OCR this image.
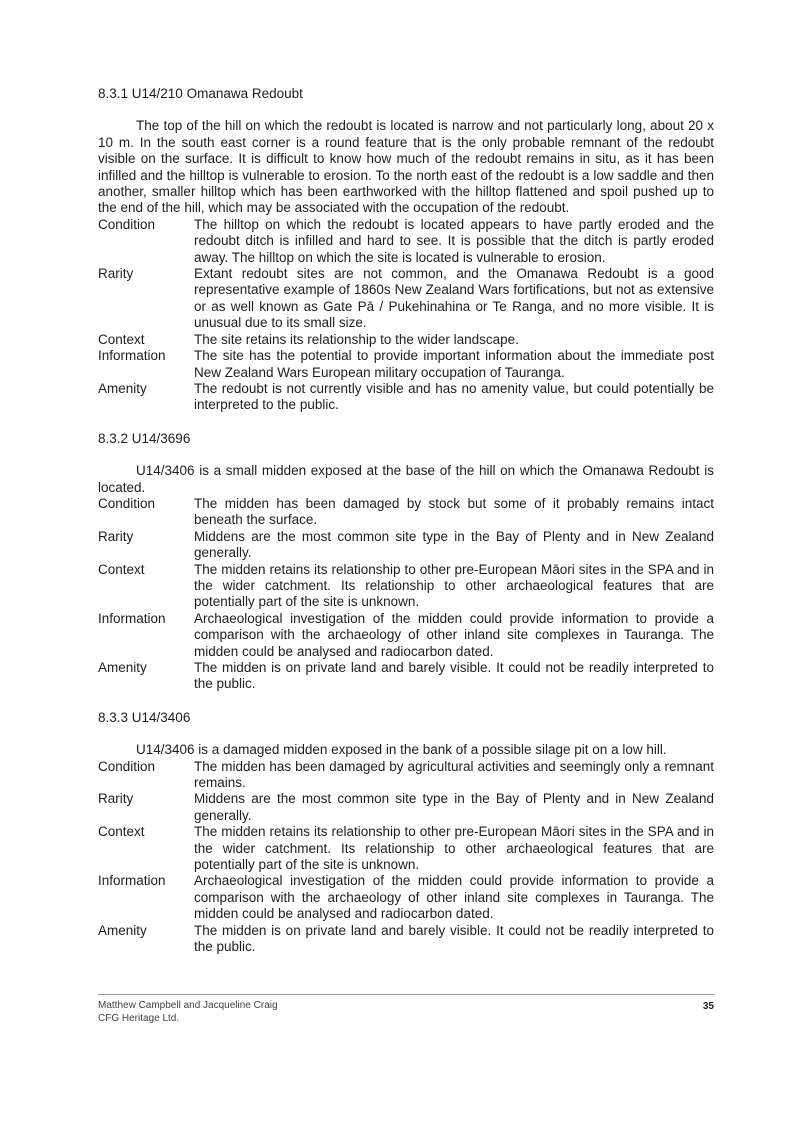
8.3.1 U14/210 Omanawa Redoubt

The top of the hill on which the redoubt is located is narrow and not particularly long, about 20 x 10 m. In the south east corner is a round feature that is the only probable remnant of the redoubt visible on the surface. It is difficult to know how much of the redoubt remains in situ, as it has been infilled and the hilltop is vulnerable to erosion. To the north east of the redoubt is a low saddle and then another, smaller hilltop which has been earthworked with the hilltop flattened and spoil pushed up to the end of the hill, which may be associated with the occupation of the redoubt.

Condition	The hilltop on which the redoubt is located appears to have partly eroded and the redoubt ditch is infilled and hard to see. It is possible that the ditch is partly eroded away. The hilltop on which the site is located is vulnerable to erosion.
Rarity	Extant redoubt sites are not common, and the Omanawa Redoubt is a good representative example of 1860s New Zealand Wars fortifications, but not as extensive or as well known as Gate Pā / Pukehinahina or Te Ranga, and no more visible. It is unusual due to its small size.
Context	The site retains its relationship to the wider landscape.
Information	The site has the potential to provide important information about the immediate post New Zealand Wars European military occupation of Tauranga.
Amenity	The redoubt is not currently visible and has no amenity value, but could potentially be interpreted to the public.

8.3.2 U14/3696

U14/3406 is a small midden exposed at the base of the hill on which the Omanawa Redoubt is located.

Condition	The midden has been damaged by stock but some of it probably remains intact beneath the surface.
Rarity	Middens are the most common site type in the Bay of Plenty and in New Zealand generally.
Context	The midden retains its relationship to other pre-European Māori sites in the SPA and in the wider catchment. Its relationship to other archaeological features that are potentially part of the site is unknown.
Information	Archaeological investigation of the midden could provide information to provide a comparison with the archaeology of other inland site complexes in Tauranga. The midden could be analysed and radiocarbon dated.
Amenity	The midden is on private land and barely visible. It could not be readily interpreted to the public.

8.3.3 U14/3406

U14/3406 is a damaged midden exposed in the bank of a possible silage pit on a low hill.

Condition	The midden has been damaged by agricultural activities and seemingly only a remnant remains.
Rarity	Middens are the most common site type in the Bay of Plenty and in New Zealand generally.
Context	The midden retains its relationship to other pre-European Māori sites in the SPA and in the wider catchment. Its relationship to other archaeological features that are potentially part of the site is unknown.
Information	Archaeological investigation of the midden could provide information to provide a comparison with the archaeology of other inland site complexes in Tauranga. The midden could be analysed and radiocarbon dated.
Amenity	The midden is on private land and barely visible. It could not be readily interpreted to the public.
Matthew Campbell and Jacqueline Craig
CFG Heritage Ltd.
35
